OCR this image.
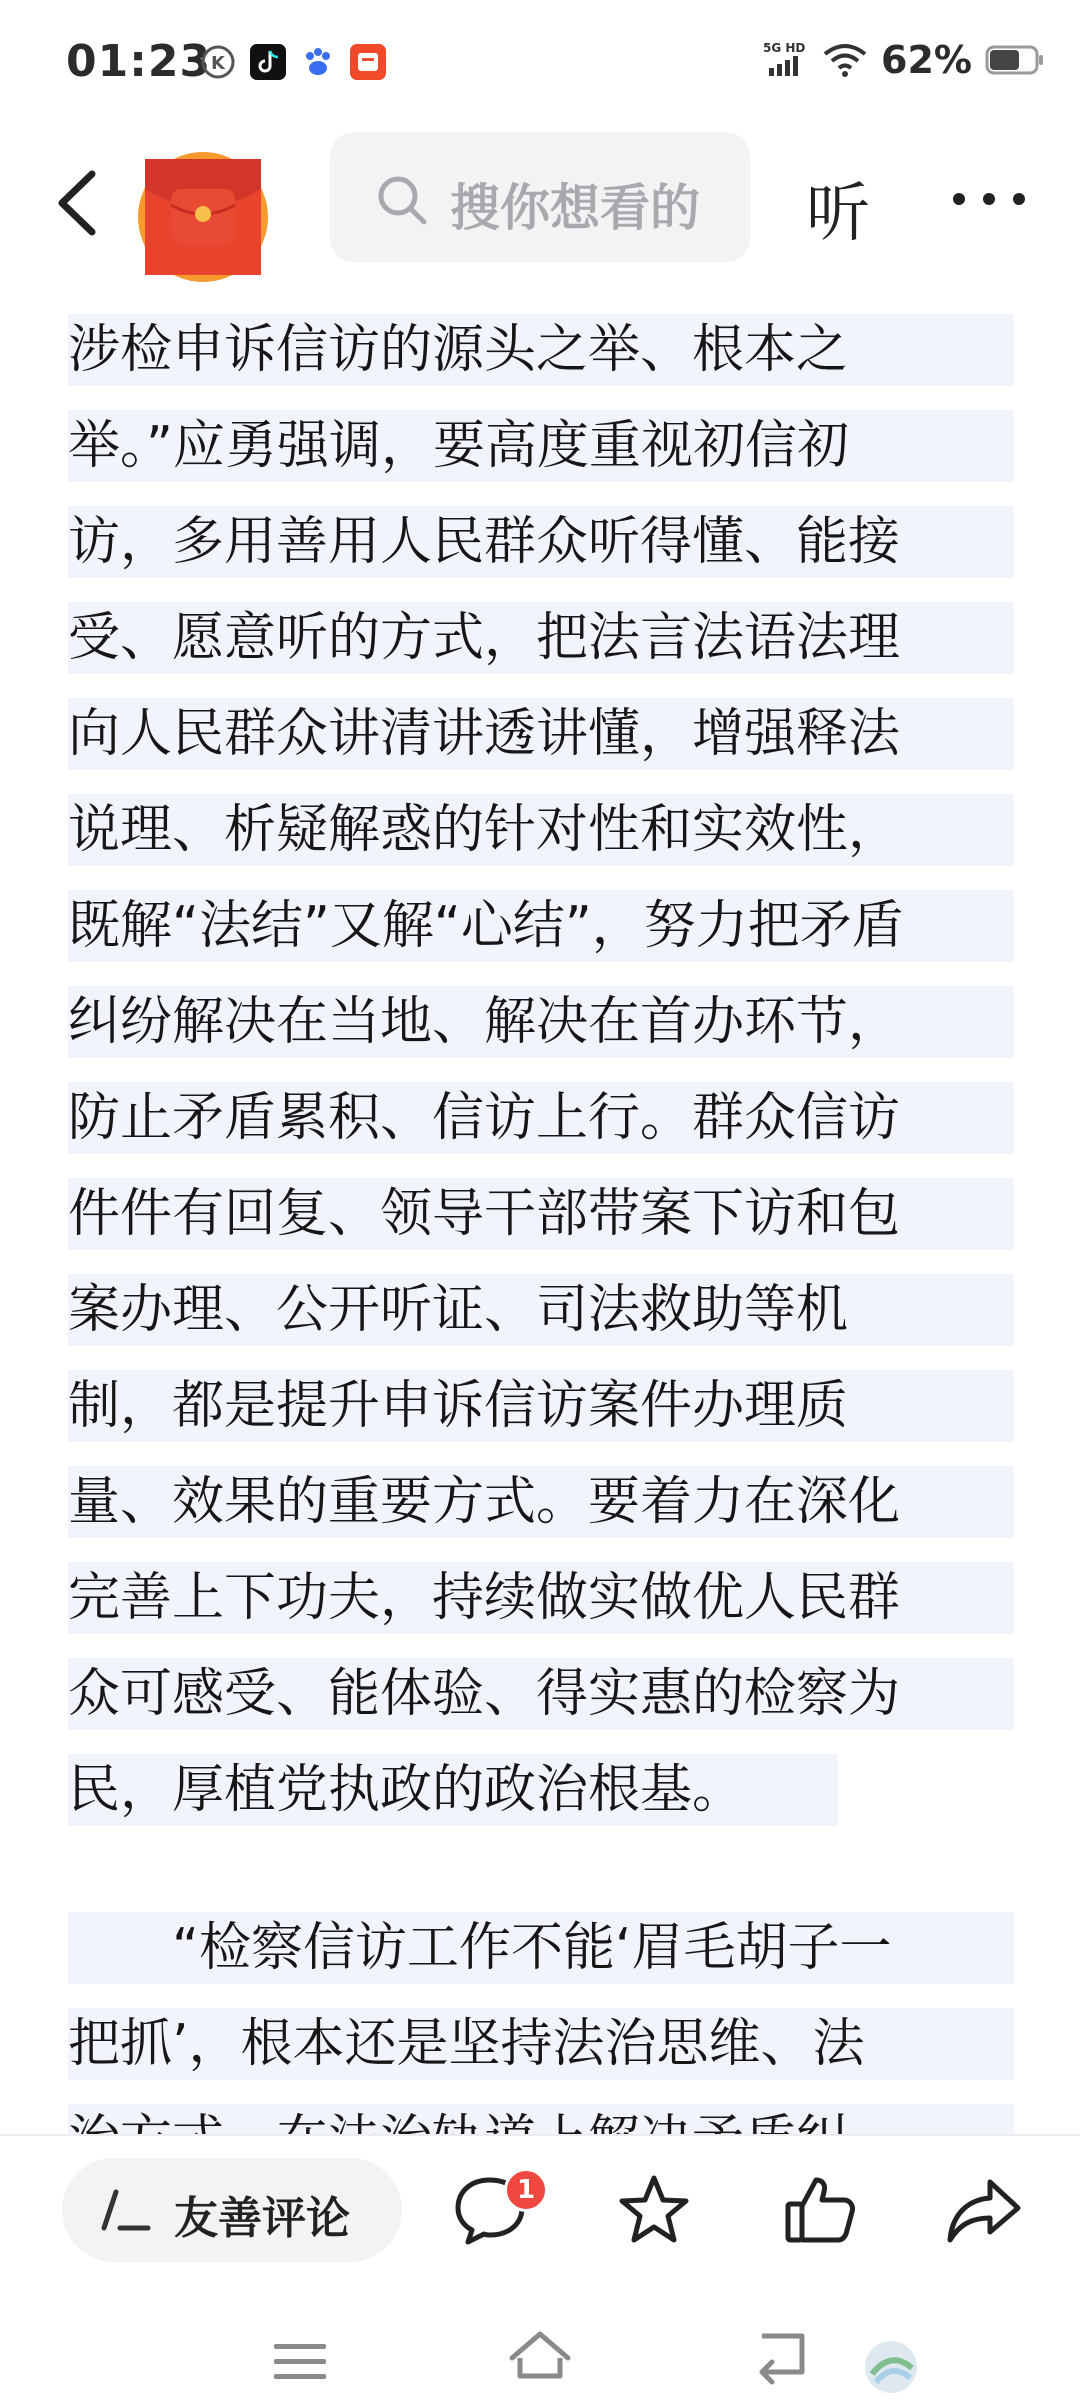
01:23 K
5G HD 62%
搜你想看的	听
涉检申诉信访的源头之举、根本之
举。”应勇强调，要高度重视初信初
访，多用善用人民群众听得懂、能接
受、愿意听的方式，把法言法语法理
向人民群众讲清讲透讲懂，增强释法
说理、析疑解惑的针对性和实效性，
既解“法结”又解“心结”，努力把矛盾
纠纷解决在当地、解决在首办环节，
防止矛盾累积、信访上行。群众信访
件件有回复、领导干部带案下访和包
案办理、公开听证、司法救助等机
制，都是提升申诉信访案件办理质
量、效果的重要方式。要着力在深化
完善上下功夫，持续做实做优人民群
众可感受、能体验、得实惠的检察为
民，厚植党执政的政治根基。
　　“检察信访工作不能‘眉毛胡子一
把抓’，根本还是坚持法治思维、法
友善评论
1
